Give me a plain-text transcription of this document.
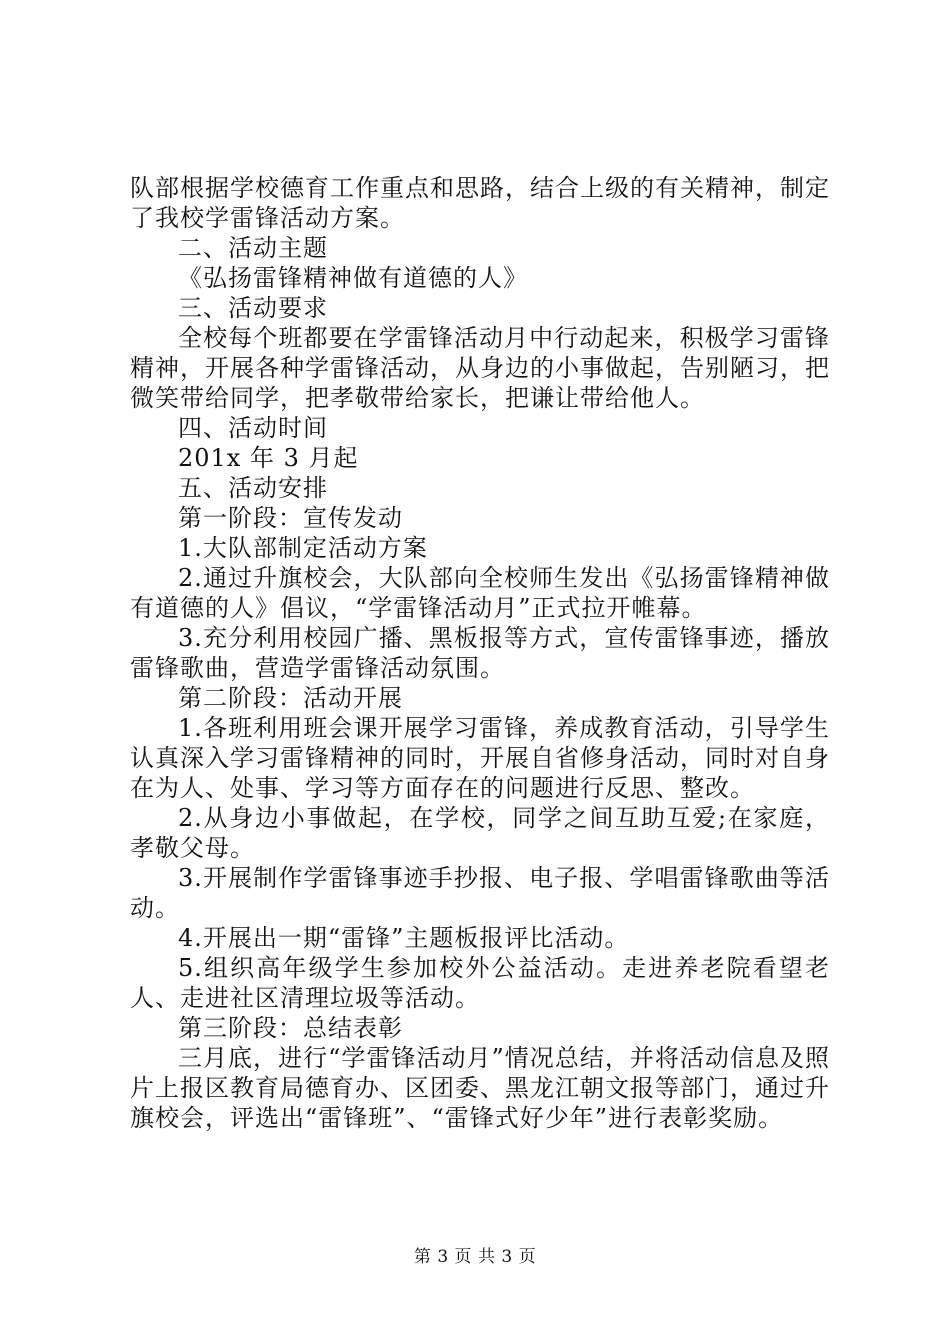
队部根据学校德育工作重点和思路，结合上级的有关精神，制定了我校学雷锋活动方案。

二、活动主题

《弘扬雷锋精神做有道德的人》

三、活动要求

全校每个班都要在学雷锋活动月中行动起来，积极学习雷锋精神，开展各种学雷锋活动，从身边的小事做起，告别陋习，把微笑带给同学，把孝敬带给家长，把谦让带给他人。

四、活动时间

201x 年 3 月起

五、活动安排

第一阶段：宣传发动

1.大队部制定活动方案

2.通过升旗校会，大队部向全校师生发出《弘扬雷锋精神做有道德的人》倡议，“学雷锋活动月”正式拉开帷幕。

3.充分利用校园广播、黑板报等方式，宣传雷锋事迹，播放雷锋歌曲，营造学雷锋活动氛围。

第二阶段：活动开展

1.各班利用班会课开展学习雷锋，养成教育活动，引导学生认真深入学习雷锋精神的同时，开展自省修身活动，同时对自身在为人、处事、学习等方面存在的问题进行反思、整改。

2.从身边小事做起，在学校，同学之间互助互爱;在家庭，孝敬父母。

3.开展制作学雷锋事迹手抄报、电子报、学唱雷锋歌曲等活动。

4.开展出一期“雷锋”主题板报评比活动。

5.组织高年级学生参加校外公益活动。走进养老院看望老人、走进社区清理垃圾等活动。

第三阶段：总结表彰

三月底，进行“学雷锋活动月”情况总结，并将活动信息及照片上报区教育局德育办、区团委、黑龙江朝文报等部门，通过升旗校会，评选出“雷锋班”、“雷锋式好少年”进行表彰奖励。

第 3 页 共 3 页
